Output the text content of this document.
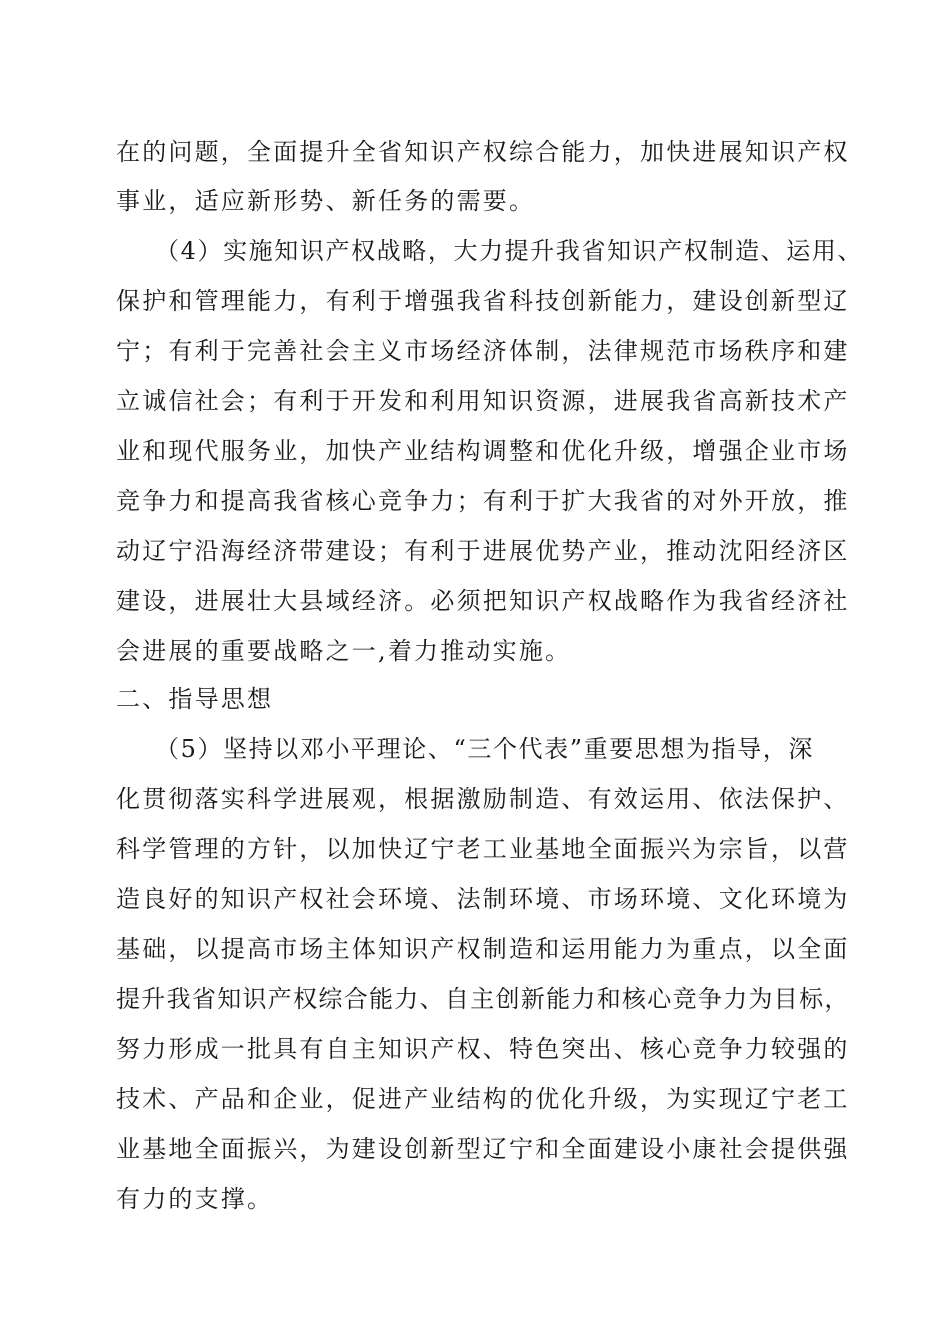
在的问题，全面提升全省知识产权综合能力，加快进展知识产权
事业，适应新形势、新任务的需要。
（4）实施知识产权战略，大力提升我省知识产权制造、运用、
保护和管理能力，有利于增强我省科技创新能力，建设创新型辽
宁；有利于完善社会主义市场经济体制，法律规范市场秩序和建
立诚信社会；有利于开发和利用知识资源，进展我省高新技术产
业和现代服务业，加快产业结构调整和优化升级，增强企业市场
竞争力和提高我省核心竞争力；有利于扩大我省的对外开放，推
动辽宁沿海经济带建设；有利于进展优势产业，推动沈阳经济区
建设，进展壮大县域经济。必须把知识产权战略作为我省经济社
会进展的重要战略之一,着力推动实施。
二、指导思想
（5）坚持以邓小平理论、“三个代表”重要思想为指导，深
化贯彻落实科学进展观，根据激励制造、有效运用、依法保护、
科学管理的方针，以加快辽宁老工业基地全面振兴为宗旨，以营
造良好的知识产权社会环境、法制环境、市场环境、文化环境为
基础，以提高市场主体知识产权制造和运用能力为重点，以全面
提升我省知识产权综合能力、自主创新能力和核心竞争力为目标，
努力形成一批具有自主知识产权、特色突出、核心竞争力较强的
技术、产品和企业，促进产业结构的优化升级，为实现辽宁老工
业基地全面振兴，为建设创新型辽宁和全面建设小康社会提供强
有力的支撑。
